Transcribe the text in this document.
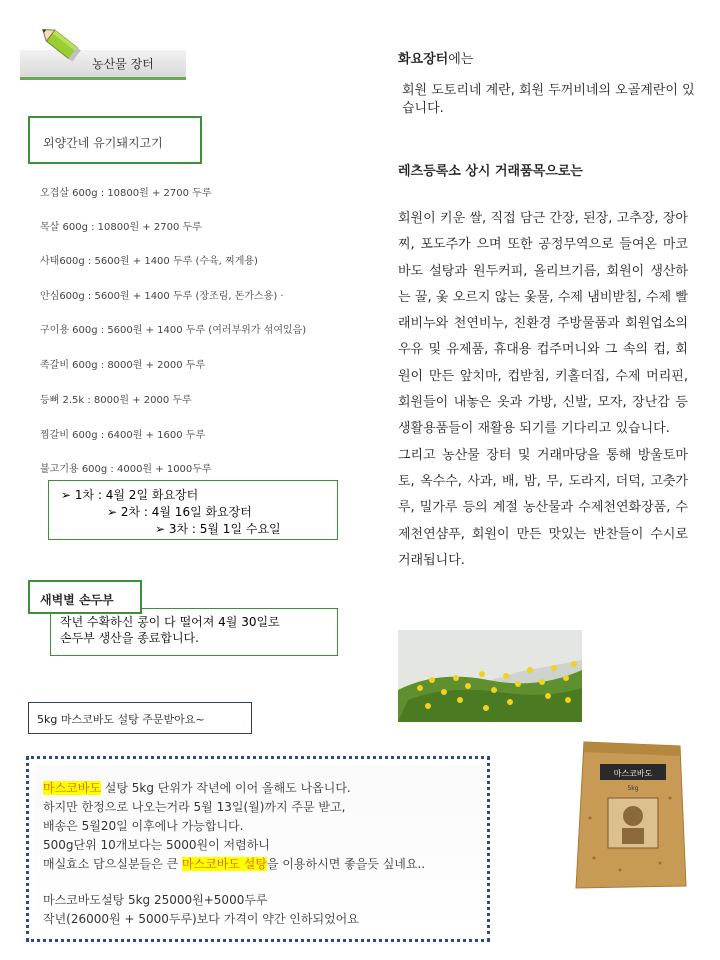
농산물 장터
외양간네 유기돼지고기
오겹살 600g : 10800원 + 2700 두루
목살 600g : 10800원 + 2700 두루
사태600g : 5600원 + 1400 두루 (수육, 찌게용)
안심600g : 5600원 + 1400 두루 (장조림, 돈가스용) ·
구이용 600g : 5600원 + 1400 두루 (여러부위가 섞여있음)
족갈비 600g : 8000원 + 2000 두루
등뼈 2.5k : 8000원 + 2000 두루
찜갈비 600g : 6400원 + 1600 두루
불고기용 600g : 4000원 + 1000두루
➢ 1차 : 4월 2일 화요장터
➢ 2차 : 4월 16일 화요장터
➢ 3차 : 5월 1일 수요일
작년 수확하신 콩이 다 떨어져 4월 30일로
손두부 생산을 종료합니다.
새벽별 손두부
5kg 마스코바도 설탕 주문받아요~
마스코바도 설탕 5kg 단위가 작년에 이어 올해도 나옵니다.
하지만 한정으로 나오는거라 5월 13일(월)까지 주문 받고,
배송은 5월20일 이후에나 가능합니다.
500g단위 10개보다는 5000원이 저렴하니
매실효소 담으실분들은 큰 마스코바도 설탕을 이용하시면 좋을듯 싶네요..
마스코바도설탕 5kg 25000원+5000두루
작년(26000원 + 5000두루)보다 가격이 약간 인하되었어요
화요장터에는
회원 도토리네 계란, 회원 두꺼비네의 오골계란이 있습니다.
레츠등록소 상시 거래품목으로는
회원이 키운 쌀, 직접 담근 간장, 된장, 고추장, 장아찌, 포도주가 으며 또한 공정무역으로 들여온 마코바도 설탕과 원두커피, 올리브기름, 회원이 생산하는 꿀, 옻 오르지 않는 옻물, 수제 냄비받침, 수제 빨래비누와 천연비누, 친환경 주방물품과 회원업소의 우유 및 유제품, 휴대용 컵주머니와 그 속의 컵, 회원이 만든 앞치마, 컵받침, 키홀더집, 수제 머리핀, 회원들이 내놓은 옷과 가방, 신발, 모자, 장난감 등 생활용품들이 재활용 되기를 기다리고 있습니다.
그리고 농산물 장터 및 거래마당을 통해 방울토마토, 옥수수, 사과, 배, 밤, 무, 도라지, 더덕, 고춧가루, 밀가루 등의 계절 농산물과 수제천연화장품, 수제천연샴푸, 회원이 만든 맛있는 반찬들이 수시로 거래됩니다.
마스코바도
5kg
